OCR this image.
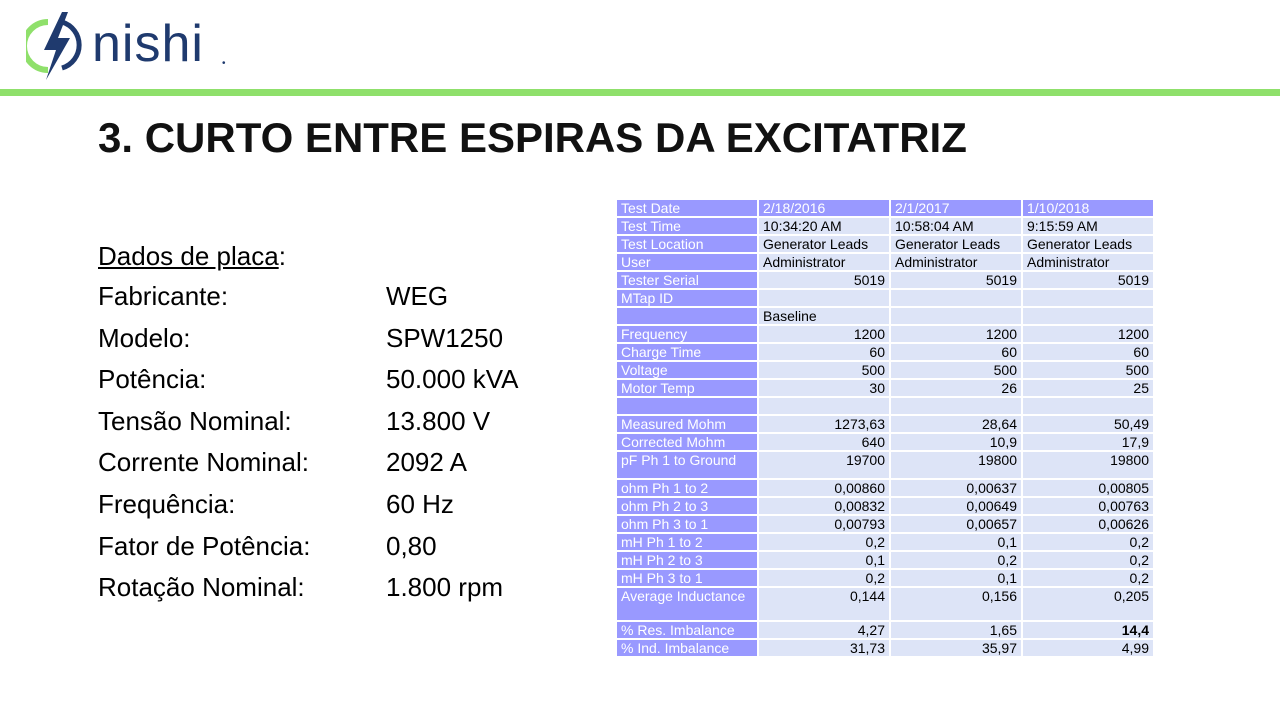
nishi •
3. CURTO ENTRE ESPIRAS DA EXCITATRIZ
Dados de placa:
Fabricante:	WEG
Modelo:	SPW1250
Potência:	50.000 kVA
Tensão Nominal:	13.800 V
Corrente Nominal:	2092 A
Frequência:	60 Hz
Fator de Potência:	0,80
Rotação Nominal:	1.800 rpm
Test Date	2/18/2016	2/1/2017	1/10/2018
Test Time	10:34:20 AM	10:58:04 AM	9:15:59 AM
Test Location	Generator Leads	Generator Leads	Generator Leads
User	Administrator	Administrator	Administrator
Tester Serial	5019	5019	5019
MTap ID			
	Baseline		
Frequency	1200	1200	1200
Charge Time	60	60	60
Voltage	500	500	500
Motor Temp	30	26	25

Measured Mohm	1273,63	28,64	50,49
Corrected Mohm	640	10,9	17,9
pF Ph 1 to Ground	19700	19800	19800
ohm Ph 1 to 2	0,00860	0,00637	0,00805
ohm Ph 2 to 3	0,00832	0,00649	0,00763
ohm Ph 3 to 1	0,00793	0,00657	0,00626
mH Ph 1 to 2	0,2	0,1	0,2
mH Ph 2 to 3	0,1	0,2	0,2
mH Ph 3 to 1	0,2	0,1	0,2
Average Inductance	0,144	0,156	0,205
% Res. Imbalance	4,27	1,65	14,4
% Ind. Imbalance	31,73	35,97	4,99
